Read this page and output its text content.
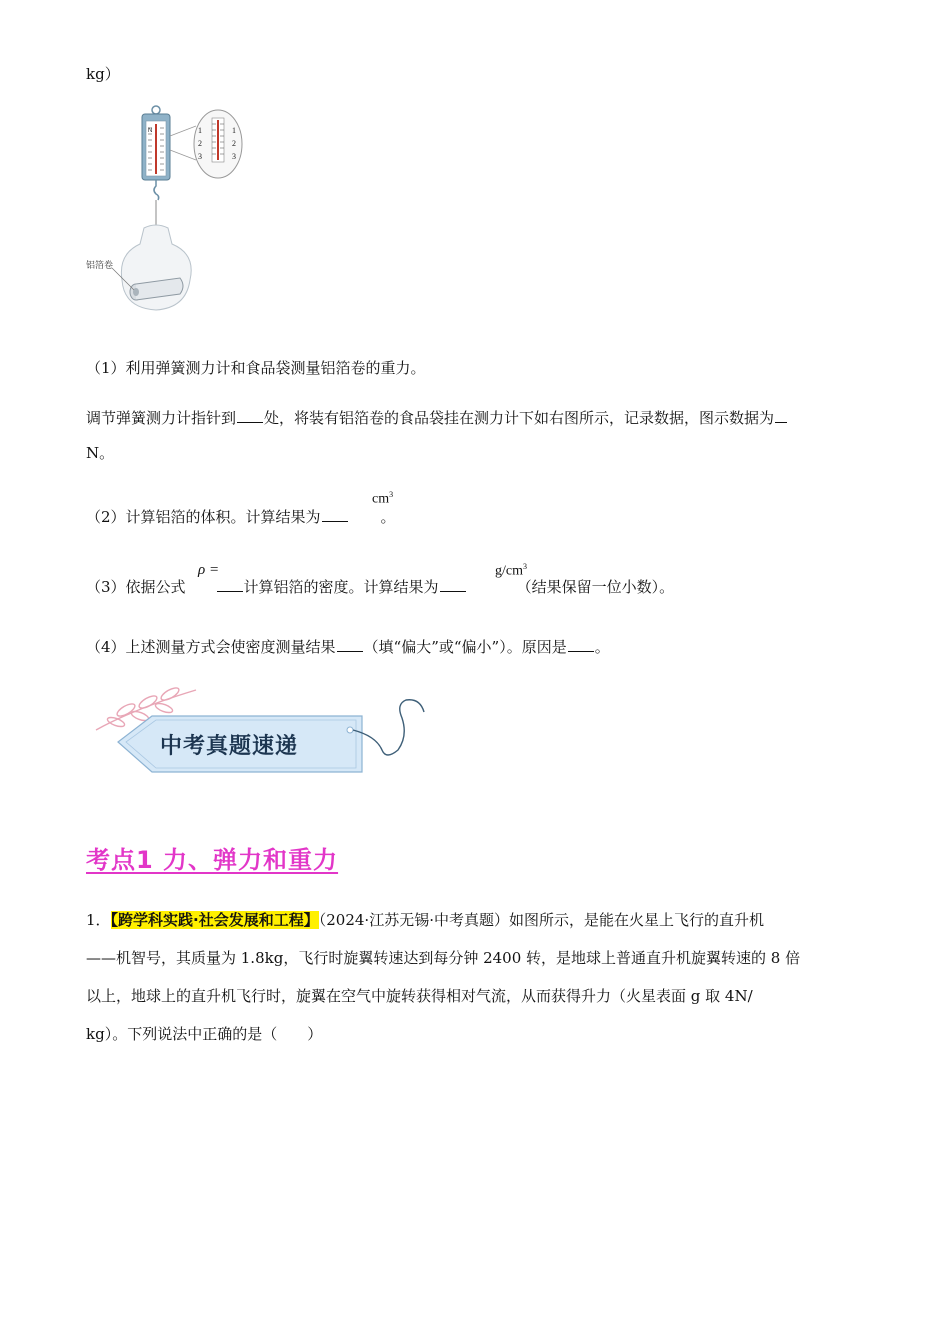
kg）
N	1
2
3
1
2
3
铝箔卷
（1）利用弹簧测力计和食品袋测量铝箔卷的重力。
调节弹簧测力计指针到 处，将装有铝箔卷的食品袋挂在测力计下如右图所示，记录数据，图示数据为
N。
（2）计算铝箔的体积。计算结果为	。
$cm^3$
（3）依据公式	计算铝箔的密度。计算结果为	（结果保留一位小数）。
ρ =	$g/cm^3$
（4）上述测量方式会使密度测量结果 （填“偏大”或“偏小”）。原因是 。
中考真题速递
考点1 力、弹力和重力
1．【跨学科实践·社会发展和工程】（2024·江苏无锡·中考真题）如图所示，是能在火星上飞行的直升机
——机智号，其质量为 1.8kg，飞行时旋翼转速达到每分钟 2400 转，是地球上普通直升机旋翼转速的 8 倍
以上，地球上的直升机飞行时，旋翼在空气中旋转获得相对气流，从而获得升力（火星表面 g 取 4N/
kg）。下列说法中正确的是（　　）
